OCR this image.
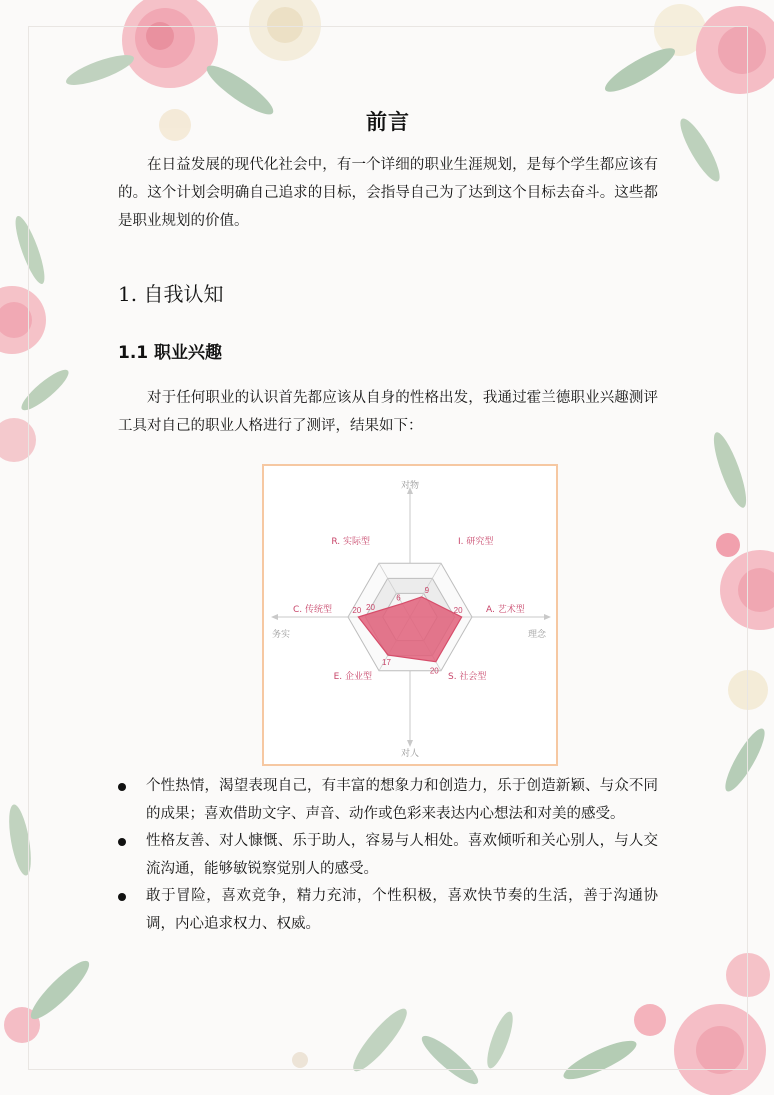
前言
在日益发展的现代化社会中，有一个详细的职业生涯规划，是每个学生都应该有的。这个计划会明确自己追求的目标，会指导自己为了达到这个目标去奋斗。这些都是职业规划的价值。
1. 自我认知
1.1 职业兴趣
对于任何职业的认识首先都应该从自身的性格出发，我通过霍兰德职业兴趣测评工具对自己的职业人格进行了测评，结果如下：
9
20
20
17
20
6
20
I. 研究型
A. 艺术型
S. 社会型
E. 企业型
C. 传统型
R. 实际型
对物
对人
务实	理念
个性热情，渴望表现自己，有丰富的想象力和创造力，乐于创造新颖、与众不同的成果；喜欢借助文字、声音、动作或色彩来表达内心想法和对美的感受。
性格友善、对人慷慨、乐于助人，容易与人相处。喜欢倾听和关心别人，与人交流沟通，能够敏锐察觉别人的感受。
敢于冒险，喜欢竞争，精力充沛，个性积极，喜欢快节奏的生活，善于沟通协调，内心追求权力、权威。
